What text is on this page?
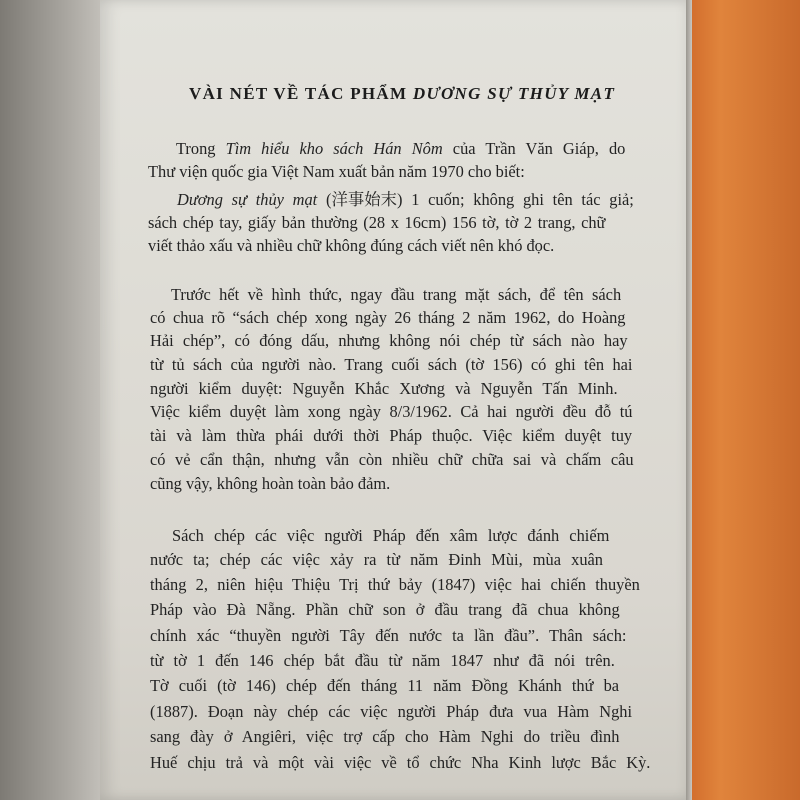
VÀI NÉT VỀ TÁC PHẨM DƯƠNG SỰ THỦY MẠT
Trong Tìm hiểu kho sách Hán Nôm của Trần Văn Giáp, do
Thư viện quốc gia Việt Nam xuất bản năm 1970 cho biết:
Dương sự thủy mạt (洋事始末) 1 cuốn; không ghi tên tác giả;
sách chép tay, giấy bản thường (28 x 16cm) 156 tờ, tờ 2 trang, chữ
viết thảo xấu và nhiều chữ không đúng cách viết nên khó đọc.
Trước hết về hình thức, ngay đầu trang mặt sách, để tên sách
có chua rõ “sách chép xong ngày 26 tháng 2 năm 1962, do Hoàng
Hải chép”, có đóng dấu, nhưng không nói chép từ sách nào hay
từ tủ sách của người nào. Trang cuối sách (tờ 156) có ghi tên hai
người kiểm duyệt: Nguyễn Khắc Xương và Nguyễn Tấn Minh.
Việc kiểm duyệt làm xong ngày 8/3/1962. Cả hai người đều đỗ tú
tài và làm thừa phái dưới thời Pháp thuộc. Việc kiểm duyệt tuy
có vẻ cẩn thận, nhưng vẫn còn nhiều chữ chữa sai và chấm câu
cũng vậy, không hoàn toàn bảo đảm.
Sách chép các việc người Pháp đến xâm lược đánh chiếm
nước ta; chép các việc xảy ra từ năm Đinh Mùi, mùa xuân
tháng 2, niên hiệu Thiệu Trị thứ bảy (1847) việc hai chiến thuyền
Pháp vào Đà Nẵng. Phần chữ son ở đầu trang đã chua không
chính xác “thuyền người Tây đến nước ta lần đầu”. Thân sách:
từ tờ 1 đến 146 chép bắt đầu từ năm 1847 như đã nói trên.
Tờ cuối (tờ 146) chép đến tháng 11 năm Đồng Khánh thứ ba
(1887). Đoạn này chép các việc người Pháp đưa vua Hàm Nghi
sang đày ở Angiêri, việc trợ cấp cho Hàm Nghi do triều đình
Huế chịu trả và một vài việc về tổ chức Nha Kinh lược Bắc Kỳ.
